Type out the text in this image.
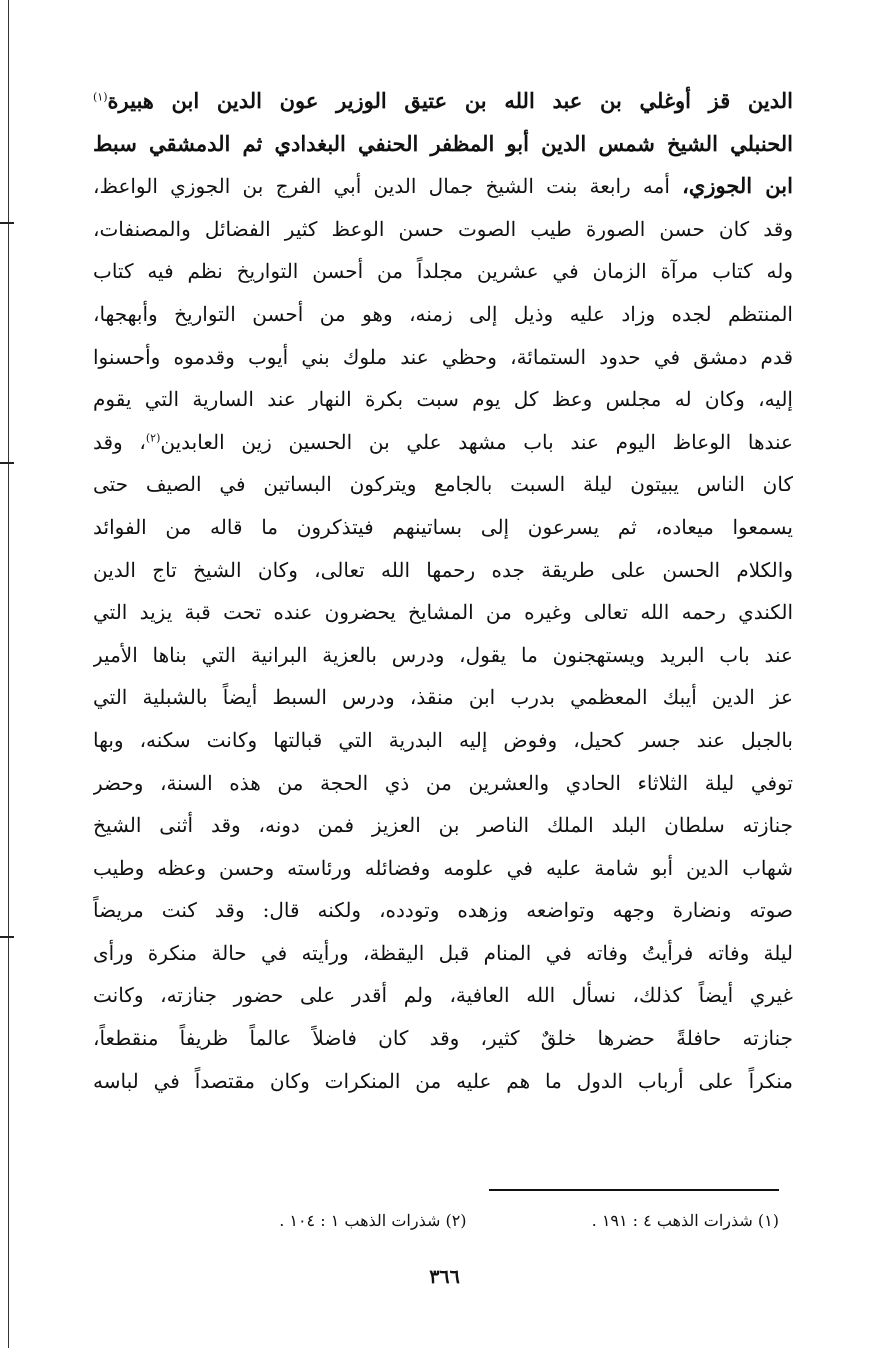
الدين قز أوغلي بن عبد الله بن عتيق الوزير عون الدين ابن هبيرة$^{(١)}$
الحنبلي الشيخ شمس الدين أبو المظفر الحنفي البغدادي ثم الدمشقي سبط
ابن الجوزي، أمه رابعة بنت الشيخ جمال الدين أبي الفرج بن الجوزي الواعظ،
وقد كان حسن الصورة طيب الصوت حسن الوعظ كثير الفضائل والمصنفات،
وله كتاب مرآة الزمان في عشرين مجلداً من أحسن التواريخ نظم فيه كتاب
المنتظم لجده وزاد عليه وذيل إلى زمنه، وهو من أحسن التواريخ وأبهجها،
قدم دمشق في حدود الستمائة، وحظي عند ملوك بني أيوب وقدموه وأحسنوا
إليه، وكان له مجلس وعظ كل يوم سبت بكرة النهار عند السارية التي يقوم
عندها الوعاظ اليوم عند باب مشهد علي بن الحسين زين العابدين$^{(٢)}$، وقد
كان الناس يبيتون ليلة السبت بالجامع ويتركون البساتين في الصيف حتى
يسمعوا ميعاده، ثم يسرعون إلى بساتينهم فيتذكرون ما قاله من الفوائد
والكلام الحسن على طريقة جده رحمها الله تعالى، وكان الشيخ تاج الدين
الكندي رحمه الله تعالى وغيره من المشايخ يحضرون عنده تحت قبة يزيد التي
عند باب البريد ويستهجنون ما يقول، ودرس بالعزية البرانية التي بناها الأمير
عز الدين أيبك المعظمي بدرب ابن منقذ، ودرس السبط أيضاً بالشبلية التي
بالجبل عند جسر كحيل، وفوض إليه البدرية التي قبالتها وكانت سكنه، وبها
توفي ليلة الثلاثاء الحادي والعشرين من ذي الحجة من هذه السنة، وحضر
جنازته سلطان البلد الملك الناصر بن العزيز فمن دونه، وقد أثنى الشيخ
شهاب الدين أبو شامة عليه في علومه وفضائله ورئاسته وحسن وعظه وطيب
صوته ونضارة وجهه وتواضعه وزهده وتودده، ولكنه قال: وقد كنت مريضاً
ليلة وفاته فرأيتُ وفاته في المنام قبل اليقظة، ورأيته في حالة منكرة ورأى
غيري أيضاً كذلك، نسأل الله العافية، ولم أقدر على حضور جنازته، وكانت
جنازته حافلةً حضرها خلقٌ كثير، وقد كان فاضلاً عالماً ظريفاً منقطعاً،
منكراً على أرباب الدول ما هم عليه من المنكرات وكان مقتصداً في لباسه
(١) شذرات الذهب ٤ : ١٩١ . (٢) شذرات الذهب ١ : ١٠٤ .
٣٦٦
